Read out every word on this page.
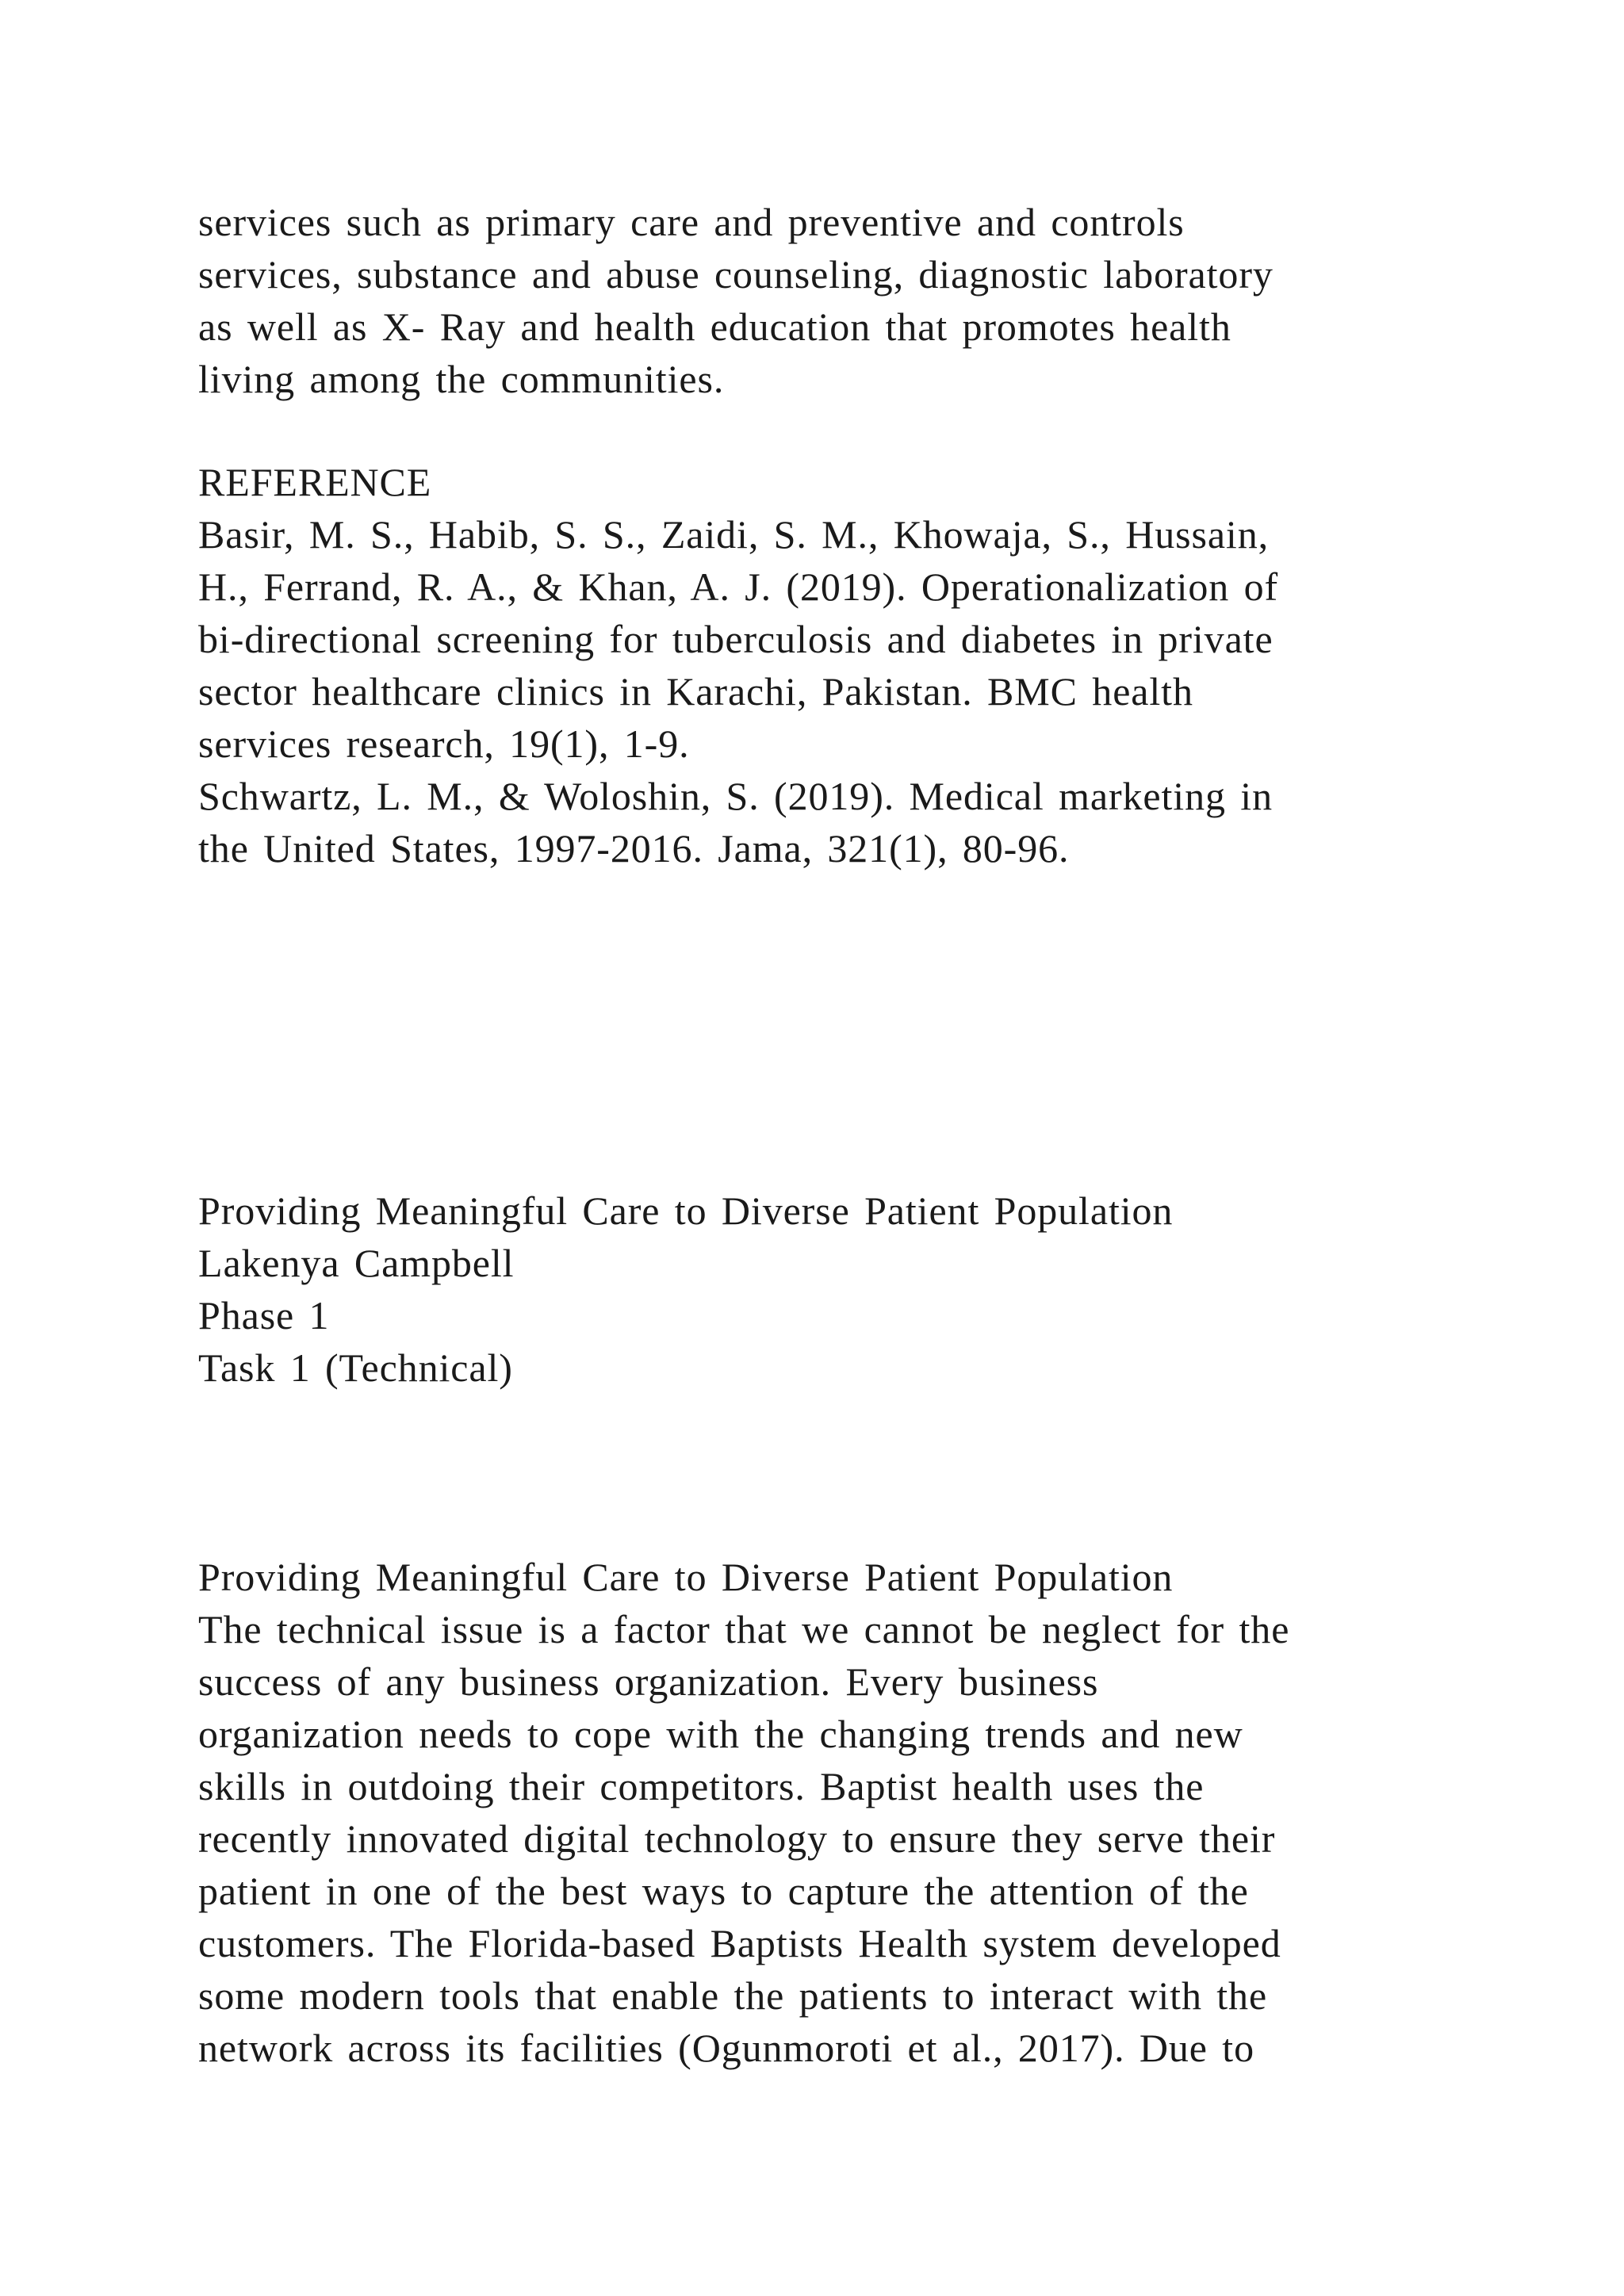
services such as primary care and preventive and controls
services, substance and abuse counseling, diagnostic laboratory
as well as X- Ray and health education that promotes health
living among the communities.
REFERENCE
Basir, M. S., Habib, S. S., Zaidi, S. M., Khowaja, S., Hussain,
H., Ferrand, R. A., & Khan, A. J. (2019). Operationalization of
bi-directional screening for tuberculosis and diabetes in private
sector healthcare clinics in Karachi, Pakistan. BMC health
services research, 19(1), 1-9.
Schwartz, L. M., & Woloshin, S. (2019). Medical marketing in
the United States, 1997-2016. Jama, 321(1), 80-96.
Providing Meaningful Care to Diverse Patient Population
Lakenya Campbell
Phase 1
Task 1 (Technical)
Providing Meaningful Care to Diverse Patient Population
The technical issue is a factor that we cannot be neglect for the
success of any business organization. Every business
organization needs to cope with the changing trends and new
skills in outdoing their competitors. Baptist health uses the
recently innovated digital technology to ensure they serve their
patient in one of the best ways to capture the attention of the
customers. The Florida-based Baptists Health system developed
some modern tools that enable the patients to interact with the
network across its facilities (Ogunmoroti et al., 2017). Due to
